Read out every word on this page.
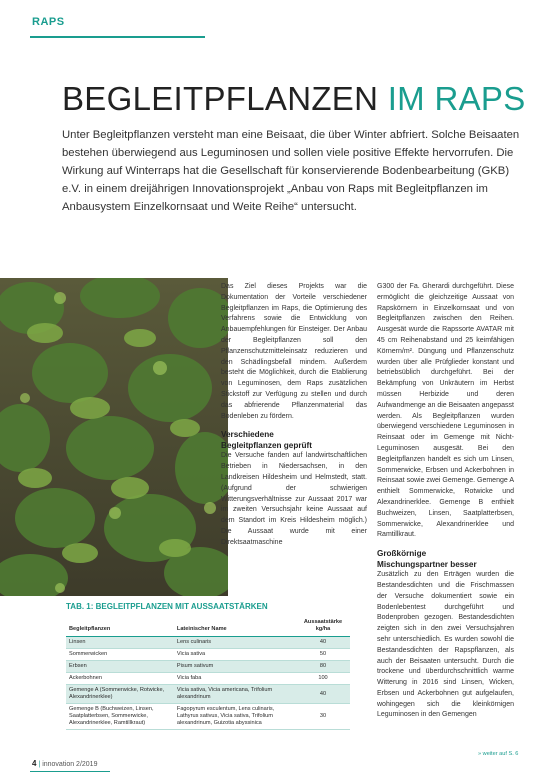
RAPS
BEGLEITPFLANZEN IM RAPS

Unter Begleitpflanzen versteht man eine Beisaat, die über Winter abfriert. Solche Beisaaten bestehen überwiegend aus Leguminosen und sollen viele positive Effekte hervorrufen. Die Wirkung auf Winterraps hat die Gesellschaft für konservierende Bodenbearbeitung (GKB) e.V. in einem dreijährigen Innovationsprojekt „Anbau von Raps mit Begleitpflanzen im Anbausystem Einzelkornsaat und Weite Reihe“ untersucht.

Das Ziel dieses Projekts war die Dokumentation der Vorteile verschiedener Begleitpflanzen im Raps, die Optimierung des Verfahrens sowie die Entwicklung von Anbauempfehlungen für Einsteiger. Der Anbau der Begleitpflanzen soll den Pflanzenschutzmitteleinsatz reduzieren und den Schädlingsbefall mindern. Außerdem besteht die Möglichkeit, durch die Etablierung von Leguminosen, dem Raps zusätzlichen Stickstoff zur Verfügung zu stellen und durch das abfrierende Pflanzenmaterial das Bodenleben zu fördern.

Verschiedene

Begleitpflanzen geprüft

Die Versuche fanden auf landwirtschaftlichen Betrieben in Niedersachsen, in den Landkreisen Hildesheim und Helmstedt, statt. (Aufgrund der schwierigen Witterungsverhältnisse zur Aussaat 2017 war im zweiten Versuchsjahr keine Aussaat auf dem Standort im Kreis Hildesheim möglich.) Die Aussaat wurde mit einer Direktsaatmaschine

G300 der Fa. Gherardi durchgeführt. Diese ermöglicht die gleichzeitige Aussaat von Rapskörnern in Einzelkornsaat und von Begleitpflanzen zwischen den Reihen. Ausgesät wurde die Rapssorte AVATAR mit 45 cm Reihenabstand und 25 keimfähigen Körnern/m². Düngung und Pflanzenschutz wurden über alle Prüfglieder konstant und betriebsüblich durchgeführt. Bei der Bekämpfung von Unkräutern im Herbst müssen Herbizide und deren Aufwandmenge an die Beisaaten angepasst werden. Als Begleitpflanzen wurden überwiegend verschiedene Leguminosen in Reinsaat oder im Gemenge mit Nicht-Leguminosen ausgesät. Bei den Begleitpflanzen handelt es sich um Linsen, Sommerwicke, Erbsen und Ackerbohnen in Reinsaat sowie zwei Gemenge. Gemenge A enthielt Sommerwicke, Rotwicke und Alexandrinerklee. Gemenge B enthielt Buchweizen, Linsen, Saatplatterbsen, Sommerwicke, Alexandrinerklee und Ramtillkraut.

Großkörnige

Mischungspartner besser

Zusätzlich zu den Erträgen wurden die Bestandesdichten und die Frischmassen der Versuche dokumentiert sowie ein Bodenlebentest durchgeführt und Bodenproben gezogen. Bestandesdichten zeigten sich in den zwei Versuchsjahren sehr unterschiedlich. Es wurden sowohl die Bestandesdichten der Rapspflanzen, als auch der Beisaaten untersucht. Durch die trockene und überdurchschnittlich warme Witterung in 2016 sind Linsen, Wicken, Erbsen und Ackerbohnen gut aufgelaufen, wohingegen sich die kleinkörnigen Leguminosen in den Gemengen

TAB. 1: BEGLEITPFLANZEN MIT AUSSAATSTÄRKEN
Begleitpflanzen	Lateinischer Name	Aussaatstärke kg/ha
Linsen	Lens culinaris	40
Sommerwicken	Vicia sativa	50
Erbsen	Pisum sativum	80
Ackerbohnen	Vicia faba	100
Gemenge A (Sommerwicke, Rotwicke, Alexandrinerklee)	Vicia sativa, Vicia americana, Trifolium alexandrinum	40
Gemenge B (Buchweizen, Linsen, Saatplatterbsen, Sommerwicke, Alexandrinerklee, Ramtillkraut)	Fagopyrum esculentum, Lens culinaris, Lathyrus sativus, Vicia sativa, Trifolium alexandrinum, Guizotia abyssinica	30
» weiter auf S. 6
4 | innovation 2/2019
